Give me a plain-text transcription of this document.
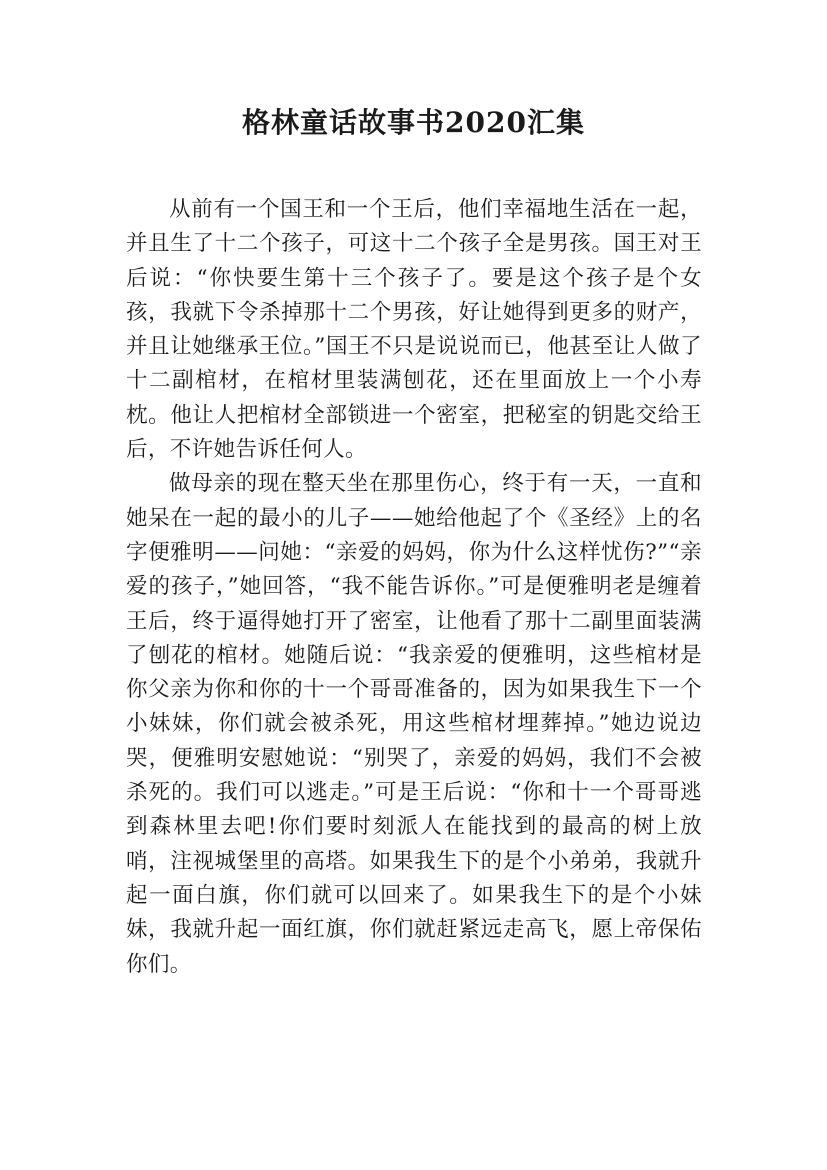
格林童话故事书2020汇集

从前有一个国王和一个王后，他们幸福地生活在一起，并且生了十二个孩子，可这十二个孩子全是男孩。国王对王后说：“你快要生第十三个孩子了。要是这个孩子是个女孩，我就下令杀掉那十二个男孩，好让她得到更多的财产，并且让她继承王位。”国王不只是说说而已，他甚至让人做了十二副棺材，在棺材里装满刨花，还在里面放上一个小寿枕。他让人把棺材全部锁进一个密室，把秘室的钥匙交给王后，不许她告诉任何人。

做母亲的现在整天坐在那里伤心，终于有一天，一直和她呆在一起的最小的儿子——她给他起了个《圣经》上的名字便雅明——问她：“亲爱的妈妈，你为什么这样忧伤?”“亲爱的孩子，”她回答，“我不能告诉你。”可是便雅明老是缠着王后，终于逼得她打开了密室，让他看了那十二副里面装满了刨花的棺材。她随后说：“我亲爱的便雅明，这些棺材是你父亲为你和你的十一个哥哥准备的，因为如果我生下一个小妹妹，你们就会被杀死，用这些棺材埋葬掉。”她边说边哭，便雅明安慰她说：“别哭了，亲爱的妈妈，我们不会被杀死的。我们可以逃走。”可是王后说：“你和十一个哥哥逃到森林里去吧!你们要时刻派人在能找到的最高的树上放哨，注视城堡里的高塔。如果我生下的是个小弟弟，我就升起一面白旗，你们就可以回来了。如果我生下的是个小妹妹，我就升起一面红旗，你们就赶紧远走高飞，愿上帝保佑你们。
